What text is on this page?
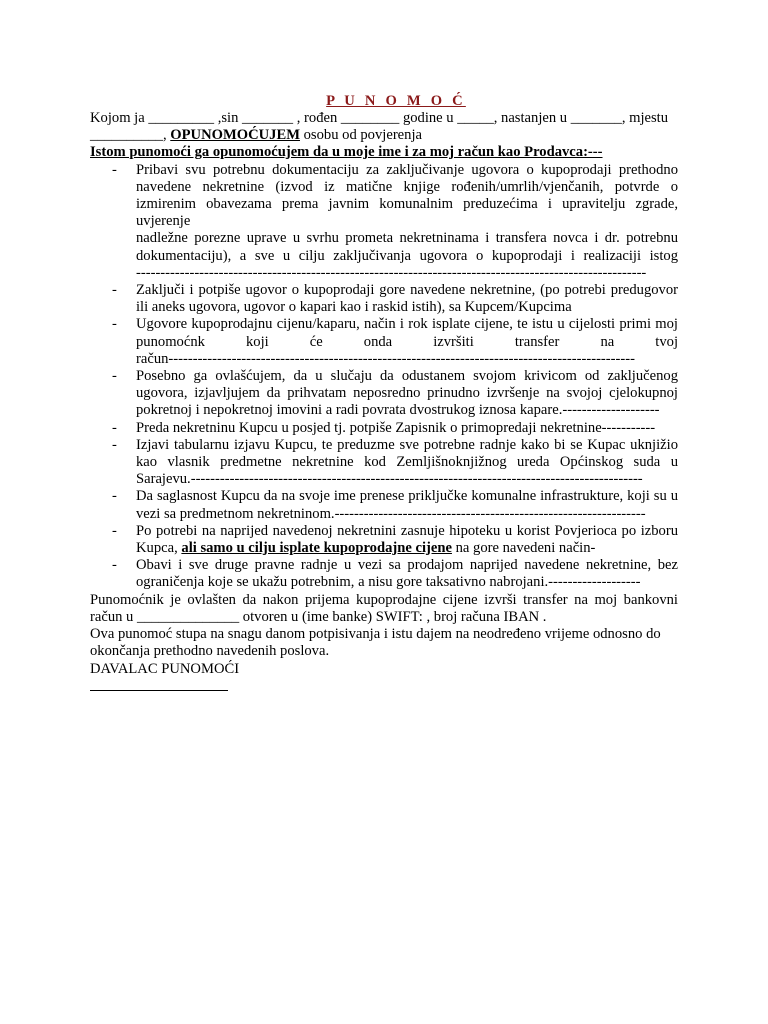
P U N O M O Ć
Kojom ja _________ ,sin _______ , rođen ________ godine u _____, nastanjen u _______, mjestu
__________, OPUNOMOĆUJEM osobu od povjerenja
Istom punomoći ga opunomoćujem da u moje ime i za moj račun kao Prodavca:---
- Pribavi svu potrebnu dokumentaciju za zaključivanje ugovora o kupoprodaji prethodno
navedene nekretnine (izvod iz matične knjige rođenih/umrlih/vjenčanih, potvrde o
izmirenim obavezama prema javnim komunalnim preduzećima i upravitelju zgrade, uvjerenje
nadležne porezne uprave u svrhu prometa nekretninama i transfera novca i dr. potrebnu
dokumentaciju), a sve u cilju zaključivanja ugovora o kupoprodaji i realizaciji istog
---------------------------------------------------------------------------------------------------------
- Zaključi i potpiše ugovor o kupoprodaji gore navedene nekretnine, (po potrebi predugovor
ili aneks ugovora, ugovor o kapari kao i raskid istih), sa Kupcem/Kupcima
- Ugovore kupoprodajnu cijenu/kaparu, način i rok isplate cijene, te istu u cijelosti primi moj
punomoćnk koji će onda izvršiti transfer na tvoj
račun------------------------------------------------------------------------------------------------
- Posebno ga ovlašćujem, da u slučaju da odustanem svojom krivicom od zaključenog
ugovora, izjavljujem da prihvatam neposredno prinudno izvršenje na svojoj cjelokupnoj
pokretnoj i nepokretnoj imovini a radi povrata dvostrukog iznosa kapare.--------------------
- Preda nekretninu Kupcu u posjed tj. potpiše Zapisnik o primopredaji nekretnine-----------
- Izjavi tabularnu izjavu Kupcu, te preduzme sve potrebne radnje kako bi se Kupac uknjižio
kao vlasnik predmetne nekretnine kod Zemljišnoknjižnog ureda Općinskog suda u
Sarajevu.---------------------------------------------------------------------------------------------
- Da saglasnost Kupcu da na svoje ime prenese priključke komunalne infrastrukture, koji su u
vezi sa predmetnom nekretninom.----------------------------------------------------------------
- Po potrebi na naprijed navedenoj nekretnini zasnuje hipoteku u korist Povjerioca po izboru
Kupca, ali samo u cilju isplate kupoprodajne cijene na gore navedeni način-
- Obavi i sve druge pravne radnje u vezi sa prodajom naprijed navedene nekretnine, bez
ograničenja koje se ukažu potrebnim, a nisu gore taksativno nabrojani.-------------------
Punomoćnik je ovlašten da nakon prijema kupoprodajne cijene izvrši transfer na moj bankovni
račun u ______________ otvoren u (ime banke) SWIFT: , broj računa IBAN .
Ova punomoć stupa na snagu danom potpisivanja i istu dajem na neodređeno vrijeme odnosno do
okončanja prethodno navedenih poslova.
DAVALAC PUNOMOĆI
